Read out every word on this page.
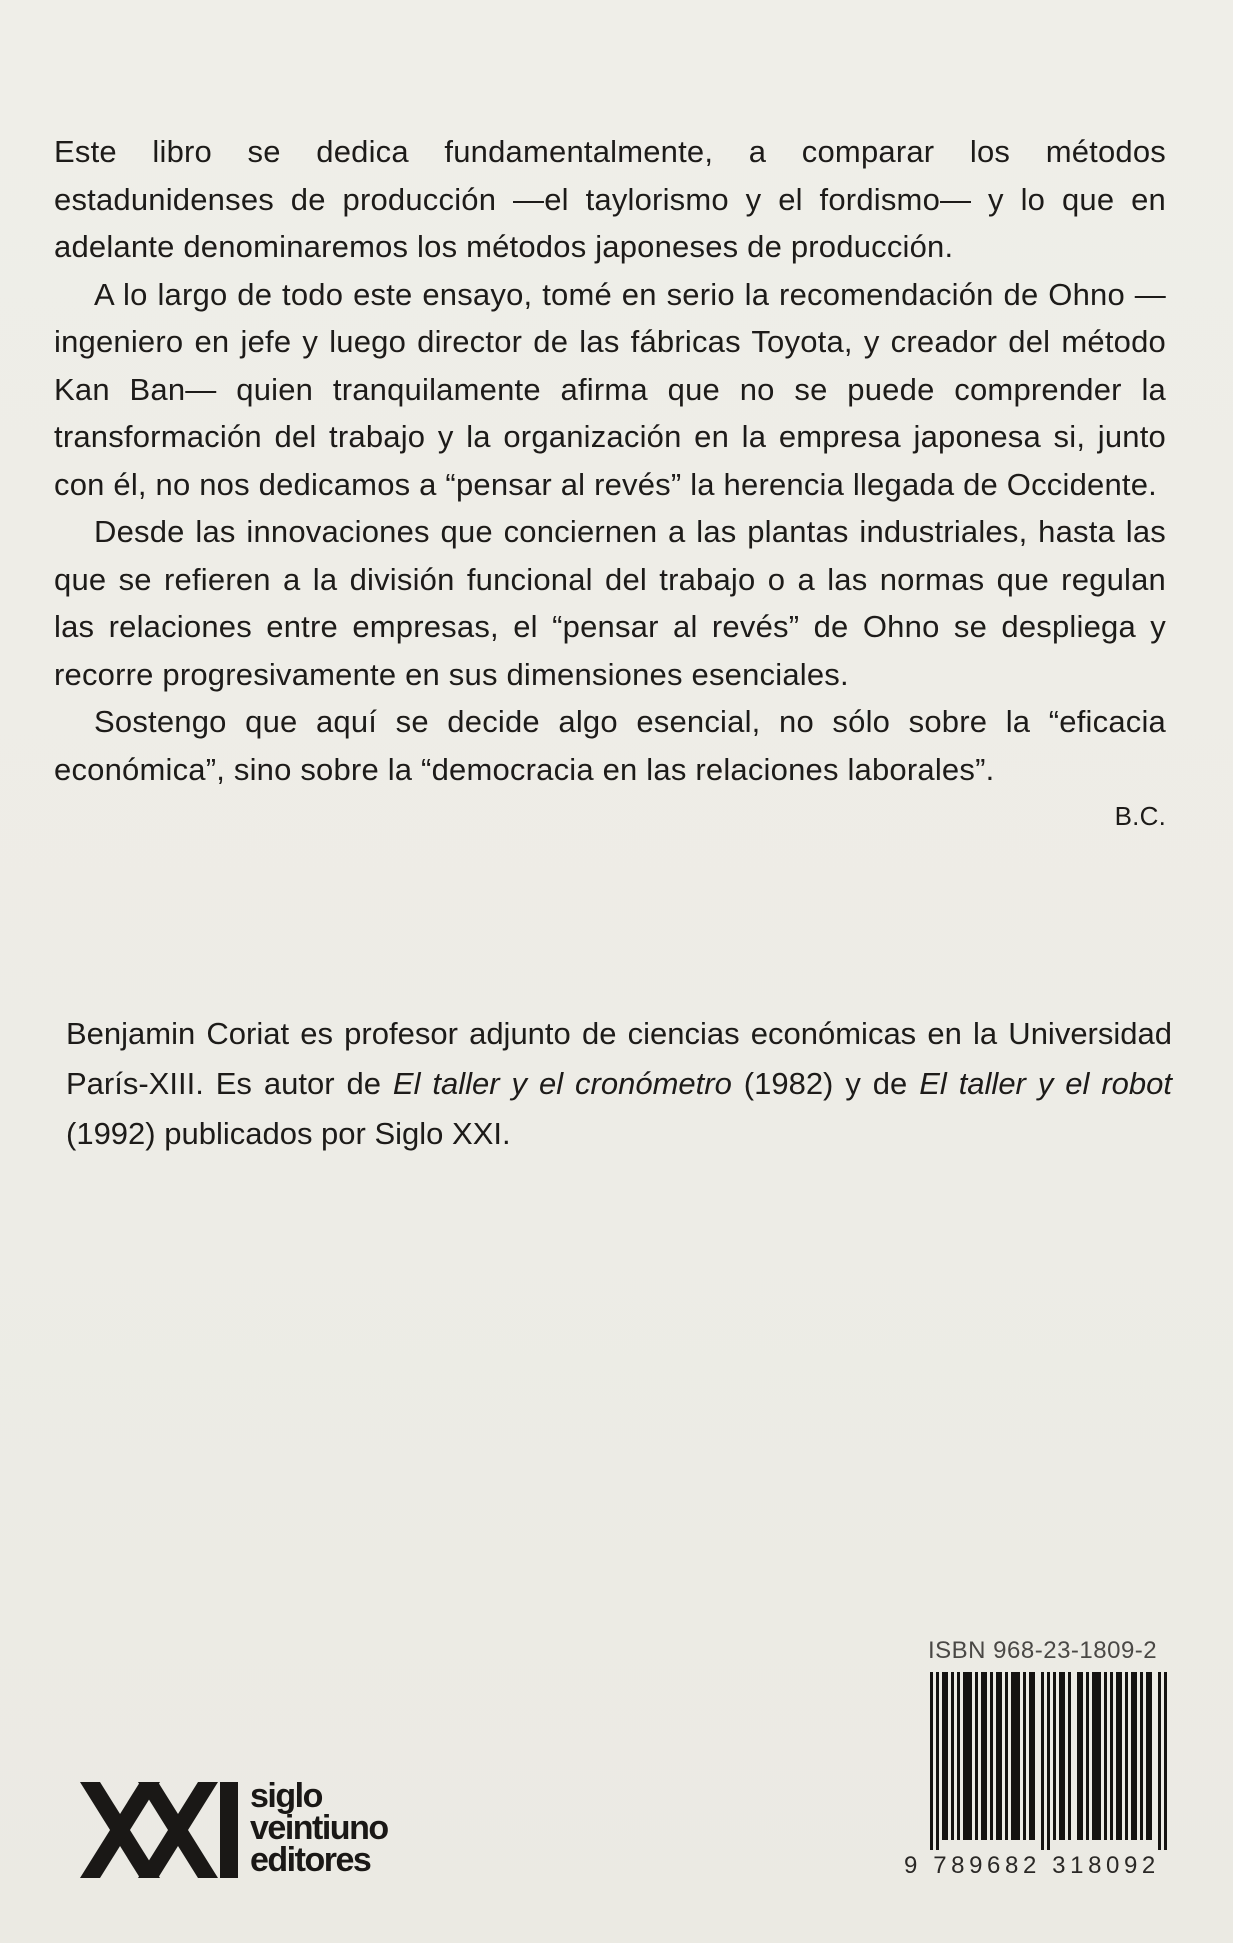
Este libro se dedica fundamentalmente, a comparar los métodos estadunidenses de producción —el taylorismo y el fordismo— y lo que en adelante denominaremos los métodos japoneses de producción.

A lo largo de todo este ensayo, tomé en serio la recomendación de Ohno —ingeniero en jefe y luego director de las fábricas Toyota, y creador del método Kan Ban— quien tranquilamente afirma que no se puede comprender la transformación del trabajo y la organización en la empresa japonesa si, junto con él, no nos dedicamos a “pensar al revés” la herencia llegada de Occidente.

Desde las innovaciones que conciernen a las plantas industriales, hasta las que se refieren a la división funcional del trabajo o a las normas que regulan las relaciones entre empresas, el “pensar al revés” de Ohno se despliega y recorre progresivamente en sus dimensiones esenciales.

Sostengo que aquí se decide algo esencial, no sólo sobre la “eficacia económica”, sino sobre la “democracia en las relaciones laborales”.

B.C.

Benjamin Coriat es profesor adjunto de ciencias económicas en la Universidad París-XIII. Es autor de El taller y el cronómetro (1982) y de El taller y el robot (1992) publicados por Siglo XXI.

ISBN 968-23-1809-2
9 789682 318092
siglo
veintiuno
editores
